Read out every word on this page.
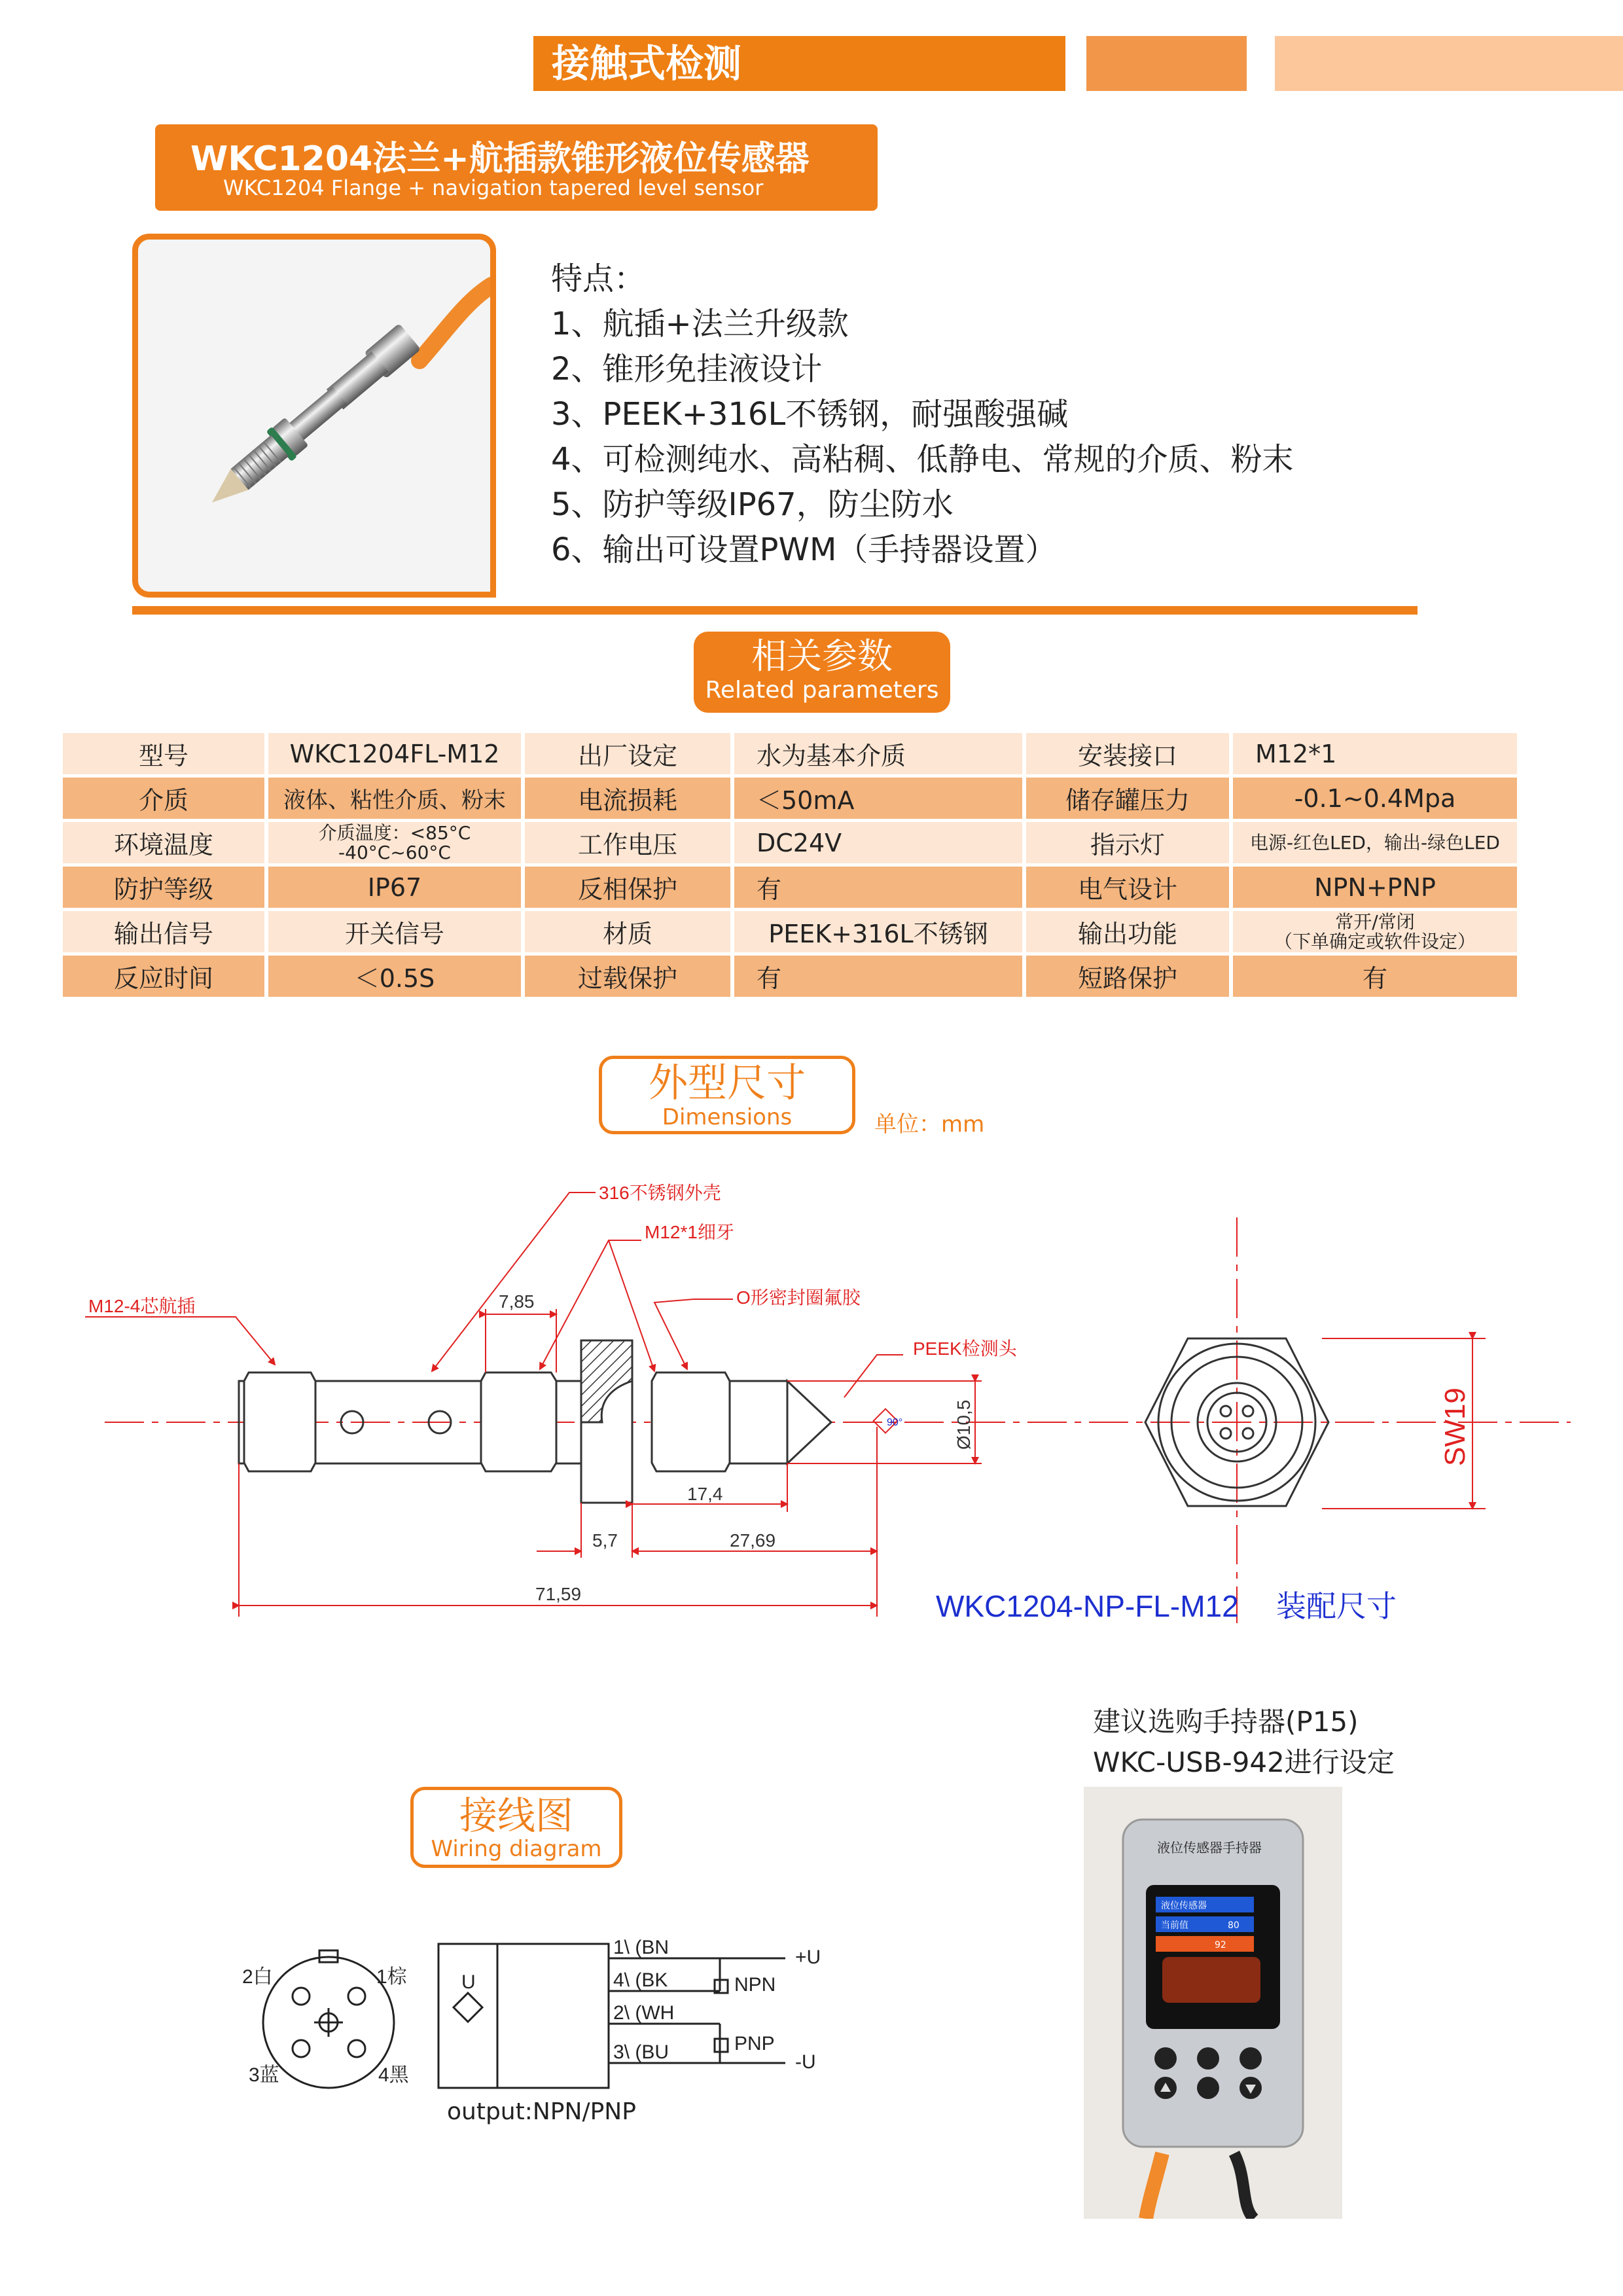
接触式检测
WKC1204法兰+航插款锥形液位传感器
WKC1204 Flange + navigation tapered level sensor
特点：
1、航插+法兰升级款
2、锥形免挂液设计
3、PEEK+316L不锈钢，耐强酸强碱
4、可检测纯水、高粘稠、低静电、常规的介质、粉末
5、防护等级IP67，防尘防水
6、输出可设置PWM（手持器设置）
相关参数
Related parameters
型号	WKC1204FL-M12	出厂设定	水为基本介质	安装接口	M12*1
介质	液体、粘性介质、粉末	电流损耗	＜50mA	储存罐压力	-0.1~0.4Mpa
环境温度	介质温度：<85°C
-40°C~60°C	工作电压	DC24V	指示灯	电源-红色LED，输出-绿色LED
防护等级	IP67	反相保护	有	电气设计	NPN+PNP
输出信号	开关信号	材质	PEEK+316L不锈钢	输出功能	常开/常闭
（下单确定或软件设定）

反应时间	＜0.5S	过载保护	有	短路保护	有
外型尺寸
Dimensions	单位：mm
316不锈钢外壳
M12*1细牙
O形密封圈氟胶
M12-4芯航插
PEEK检测头
7,85
17,4
5,7	27,69
71,59
90°	Ø10,5	SW19
WKC1204-NP-FL-M12 装配尺寸
接线图
Wiring diagram
2白	1棕
3蓝	4黑
U
1\ (BN
4\ (BK
2\ (WH
3\ (BU
+U
-U
NPN
PNP
output:NPN/PNP
建议选购手持器(P15)
WKC-USB-942进行设定
液位传感器手持器
液位传感器
当前值	80
92
